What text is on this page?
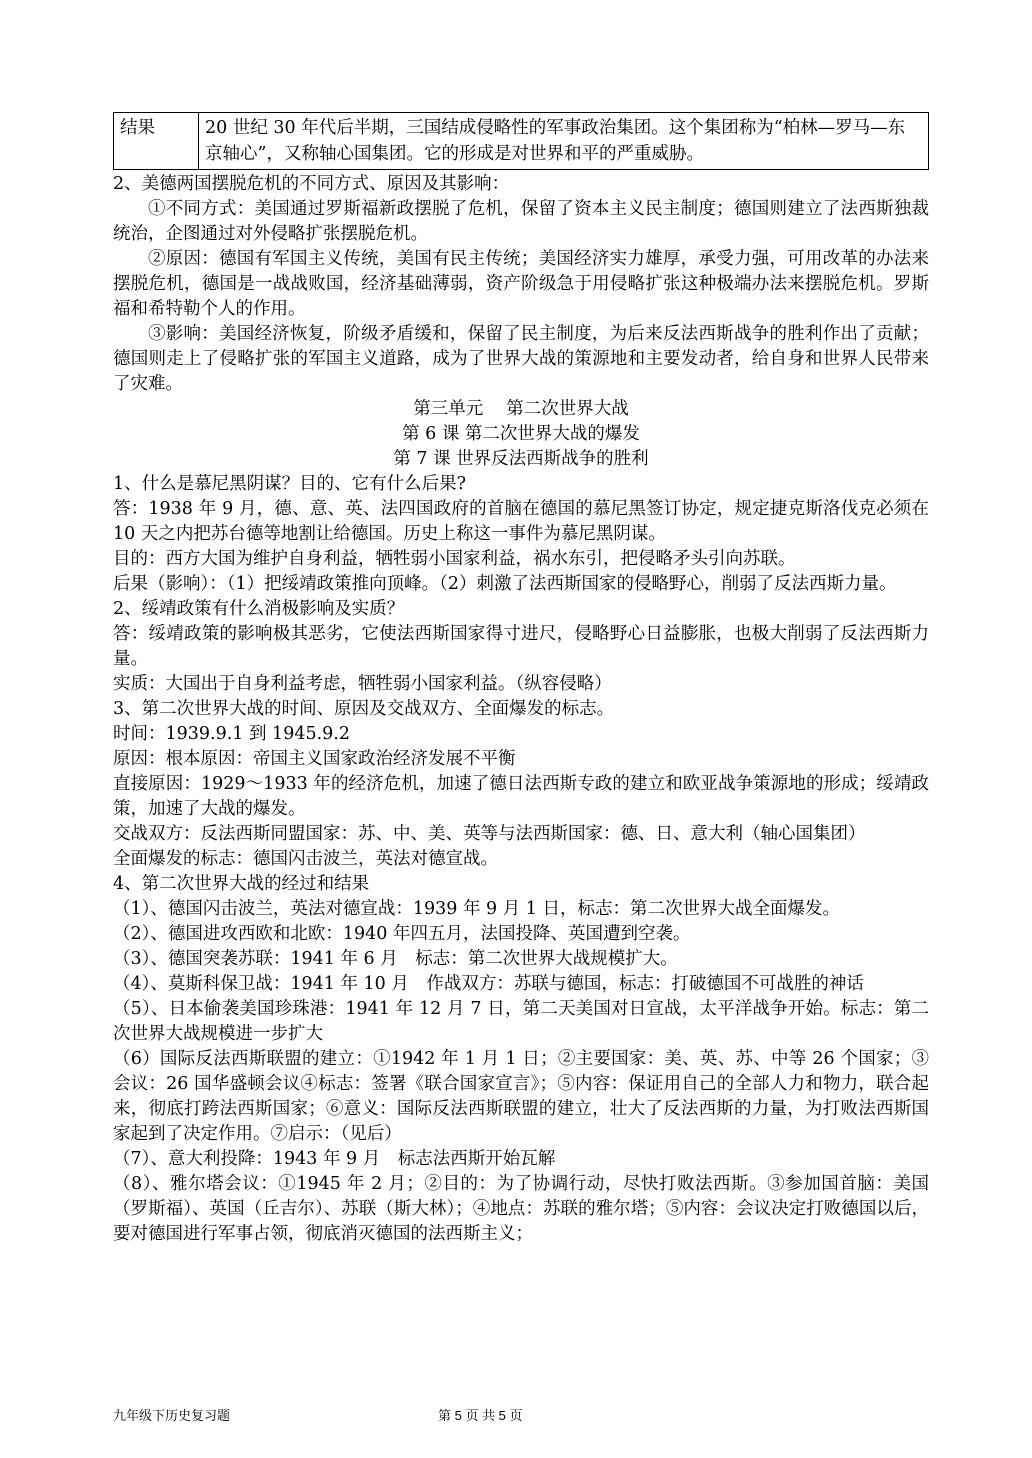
结果	20 世纪 30 年代后半期，三国结成侵略性的军事政治集团。这个集团称为“柏林—罗马—东京轴心”，又称轴心国集团。它的形成是对世界和平的严重威胁。

2、美德两国摆脱危机的不同方式、原因及其影响：

①不同方式：美国通过罗斯福新政摆脱了危机，保留了资本主义民主制度；德国则建立了法西斯独裁统治，企图通过对外侵略扩张摆脱危机。

②原因：德国有军国主义传统，美国有民主传统；美国经济实力雄厚，承受力强，可用改革的办法来摆脱危机，德国是一战战败国，经济基础薄弱，资产阶级急于用侵略扩张这种极端办法来摆脱危机。罗斯福和希特勒个人的作用。

③影响：美国经济恢复，阶级矛盾缓和，保留了民主制度，为后来反法西斯战争的胜利作出了贡献；德国则走上了侵略扩张的军国主义道路，成为了世界大战的策源地和主要发动者，给自身和世界人民带来了灾难。

第三单元　 第二次世界大战

第 6 课 第二次世界大战的爆发

第 7 课 世界反法西斯战争的胜利

1、什么是慕尼黑阴谋？目的、它有什么后果?

答：1938 年 9 月，德、意、英、法四国政府的首脑在德国的慕尼黑签订协定，规定捷克斯洛伐克必须在 10 天之内把苏台德等地割让给德国。历史上称这一事件为慕尼黑阴谋。

目的：西方大国为维护自身利益，牺牲弱小国家利益，祸水东引，把侵略矛头引向苏联。

后果（影响）：（1）把绥靖政策推向顶峰。（2）刺激了法西斯国家的侵略野心，削弱了反法西斯力量。

2、绥靖政策有什么消极影响及实质？

答：绥靖政策的影响极其恶劣，它使法西斯国家得寸进尺，侵略野心日益膨胀，也极大削弱了反法西斯力量。

实质：大国出于自身利益考虑，牺牲弱小国家利益。（纵容侵略）

3、第二次世界大战的时间、原因及交战双方、全面爆发的标志。

时间：1939.9.1 到 1945.9.2

原因：根本原因：帝国主义国家政治经济发展不平衡

直接原因：1929～1933 年的经济危机，加速了德日法西斯专政的建立和欧亚战争策源地的形成；绥靖政策，加速了大战的爆发。

交战双方：反法西斯同盟国家：苏、中、美、英等与法西斯国家：德、日、意大利（轴心国集团）

全面爆发的标志：德国闪击波兰，英法对德宣战。

4、第二次世界大战的经过和结果

（1）、德国闪击波兰，英法对德宣战：1939 年 9 月 1 日，标志：第二次世界大战全面爆发。

（2）、德国进攻西欧和北欧：1940 年四五月，法国投降、英国遭到空袭。

（3）、德国突袭苏联：1941 年 6 月　标志：第二次世界大战规模扩大。

（4）、莫斯科保卫战：1941 年 10 月　作战双方：苏联与德国，标志：打破德国不可战胜的神话

（5）、日本偷袭美国珍珠港：1941 年 12 月 7 日，第二天美国对日宣战，太平洋战争开始。标志：第二次世界大战规模进一步扩大

（6）国际反法西斯联盟的建立：①1942 年 1 月 1 日；②主要国家：美、英、苏、中等 26 个国家；③会议：26 国华盛顿会议④标志：签署《联合国家宣言》；⑤内容：保证用自己的全部人力和物力，联合起来，彻底打跨法西斯国家；⑥意义：国际反法西斯联盟的建立，壮大了反法西斯的力量，为打败法西斯国家起到了决定作用。⑦启示：（见后）

（7）、意大利投降：1943 年 9 月　标志法西斯开始瓦解

（8）、雅尔塔会议：①1945 年 2 月；②目的：为了协调行动，尽快打败法西斯。③参加国首脑：美国（罗斯福）、英国（丘吉尔）、苏联（斯大林）；④地点：苏联的雅尔塔；⑤内容：会议决定打败德国以后，要对德国进行军事占领，彻底消灭德国的法西斯主义；

九年级下历史复习题	第 5 页 共 5 页
